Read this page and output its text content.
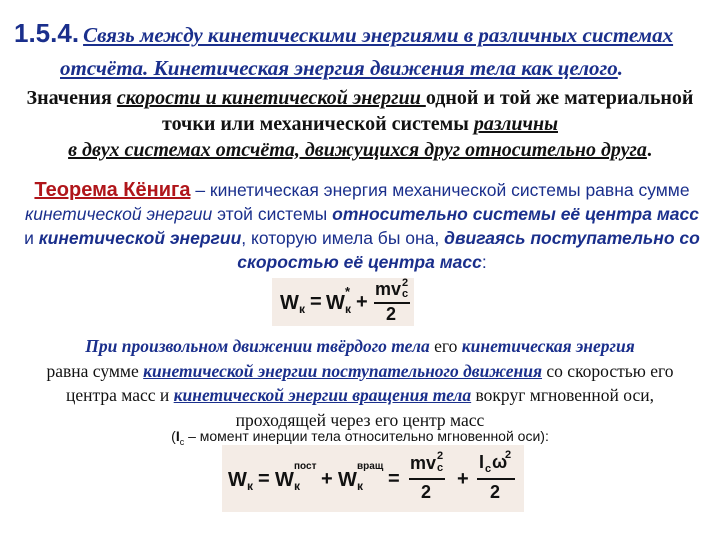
1.5.4. Связь между кинетическими энергиями в различных системах
отсчёта. Кинетическая энергия движения тела как целого.
Значения скорости и кинетической энергии одной и той же материальной точки или механической системы различны
в двух системах отсчёта, движущихся друг относительно друга.
Теорема Кёнига – кинетическая энергия механической системы равна сумме кинетической энергии этой системы относительно системы её центра масс и кинетической энергии, которую имела бы она, двигаясь поступательно со скоростью её центра масс:
W к = W
*
к +
mv 2
c
2
При произвольном движении твёрдого тела его кинетическая энергия
равна сумме кинетической энергии поступательного движения со скоростью его центра масс и кинетической энергии вращения тела вокруг мгновенной оси, проходящей через его центр масс
($I_c$ – момент инерции тела относительно мгновенной оси):
W к = W
пост
к + W
вращ
к =
mv 2
c
2
+
I c ω
2
2
